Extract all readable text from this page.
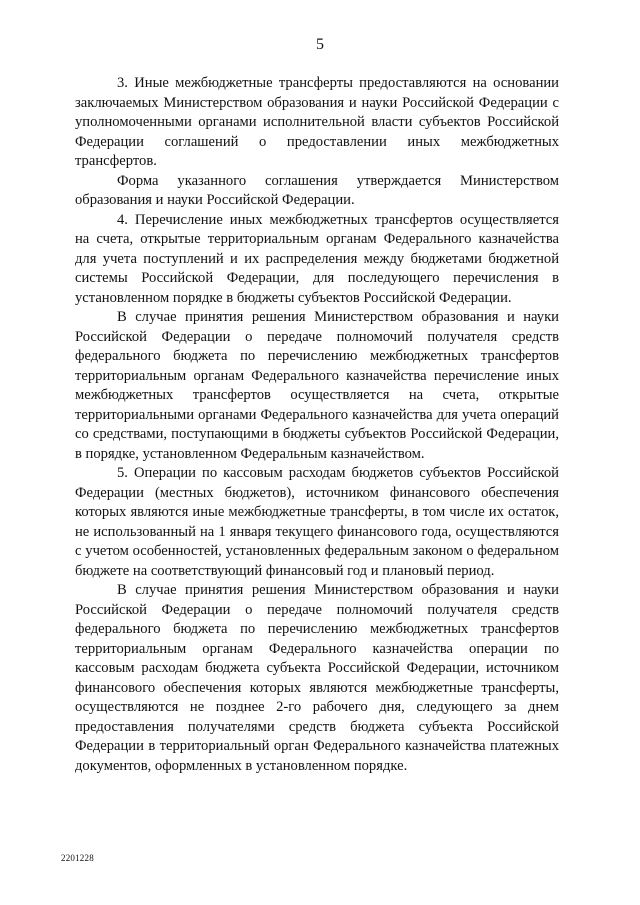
5

3. Иные межбюджетные трансферты предоставляются на основании заключаемых Министерством образования и науки Российской Федерации с уполномоченными органами исполнительной власти субъектов Российской Федерации соглашений о предоставлении иных межбюджетных трансфертов.

Форма указанного соглашения утверждается Министерством образования и науки Российской Федерации.

4. Перечисление иных межбюджетных трансфертов осуществляется на счета, открытые территориальным органам Федерального казначейства для учета поступлений и их распределения между бюджетами бюджетной системы Российской Федерации, для последующего перечисления в установленном порядке в бюджеты субъектов Российской Федерации.

В случае принятия решения Министерством образования и науки Российской Федерации о передаче полномочий получателя средств федерального бюджета по перечислению межбюджетных трансфертов территориальным органам Федерального казначейства перечисление иных межбюджетных трансфертов осуществляется на счета, открытые территориальными органами Федерального казначейства для учета операций со средствами, поступающими в бюджеты субъектов Российской Федерации, в порядке, установленном Федеральным казначейством.

5. Операции по кассовым расходам бюджетов субъектов Российской Федерации (местных бюджетов), источником финансового обеспечения которых являются иные межбюджетные трансферты, в том числе их остаток, не использованный на 1 января текущего финансового года, осуществляются с учетом особенностей, установленных федеральным законом о федеральном бюджете на соответствующий финансовый год и плановый период.

В случае принятия решения Министерством образования и науки Российской Федерации о передаче полномочий получателя средств федерального бюджета по перечислению межбюджетных трансфертов территориальным органам Федерального казначейства операции по кассовым расходам бюджета субъекта Российской Федерации, источником финансового обеспечения которых являются межбюджетные трансферты, осуществляются не позднее 2-го рабочего дня, следующего за днем предоставления получателями средств бюджета субъекта Российской Федерации в территориальный орган Федерального казначейства платежных документов, оформленных в установленном порядке.

2201228
